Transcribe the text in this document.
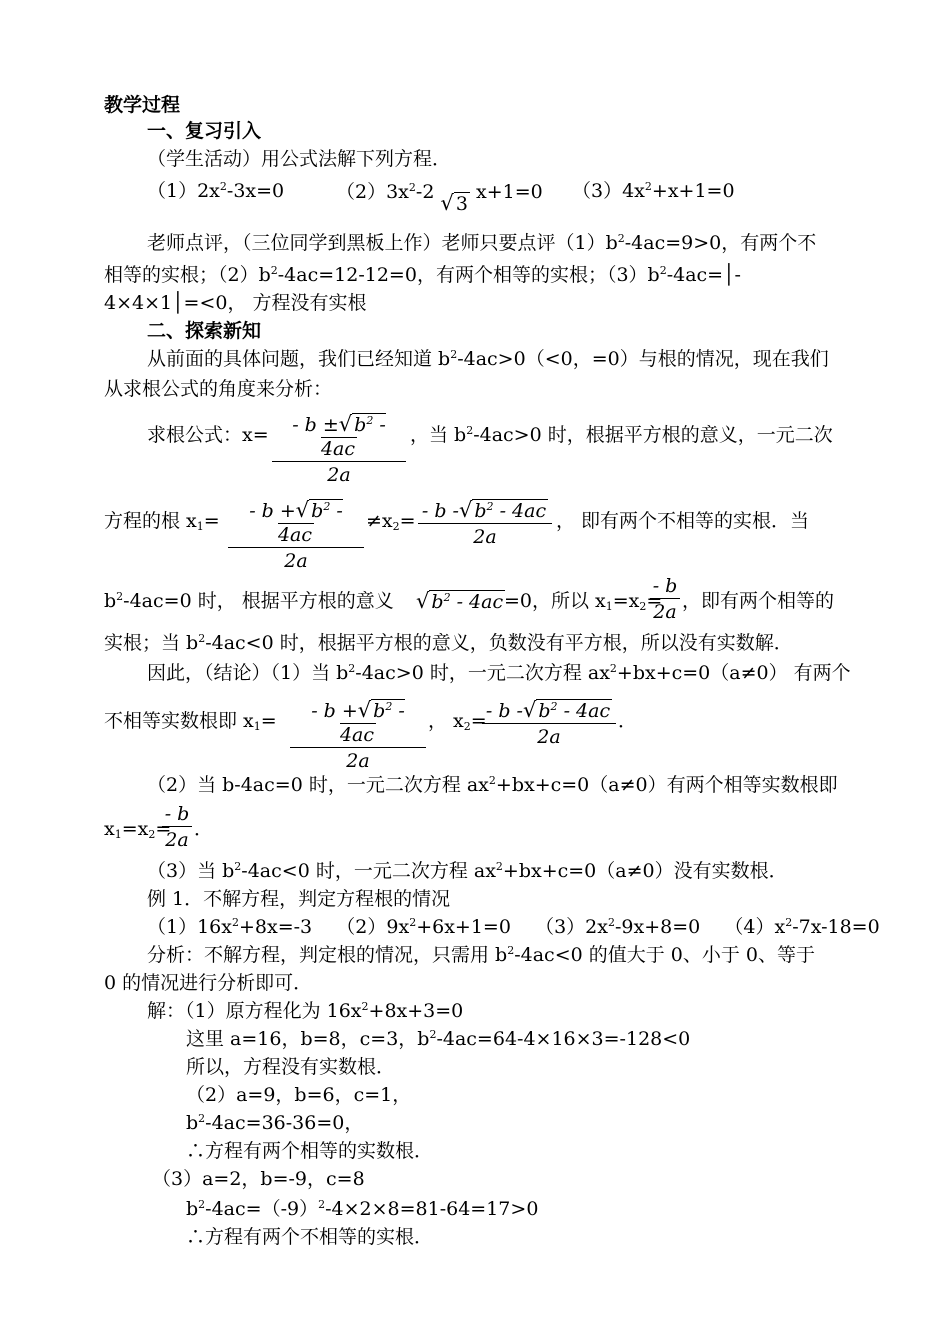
教学过程
一、复习引入
（学生活动）用公式法解下列方程．
$(1)2x^2-3x=0$	$(2)3x^2-2$ √ 3 x+1=0 $(3)4x^2+x+1=0$
老师点评，（三位同学到黑板上作）老师只要点评$(1)b^2-4ac=9>0$，有两个不
相等的实根；$(2)b^2-4ac=12-12=0$，有两个相等的实根；$(3)b^2-4ac=│-$
4×4×1│=<0， 方程没有实根
二、探索新知
从前面的具体问题，我们已经知道 $b^2-4ac>0(<0$，=0）与根的情况，现在我们
从求根公式的角度来分析：
求根公式：x=	- b ±√ $b^2 - 4ac$
2a
，当 $b^2-4ac>0$ 时，根据平方根的意义，一元二次
方程的根 $x_1=$	- b +√ $b^2 - 4ac$
2a
$\ne x_2= - b$ -√ $b^2 - 4ac$
2a
， 即有两个不相等的实根．当
$b^2-4ac=0$ 时， 根据平方根的意义 √ $b^2 - 4ac =0$，所以 $x_1=x_2=$
- b
2a ，即有两个相等的
实根；当 $b^2-4ac<0$ 时，根据平方根的意义，负数没有平方根，所以没有实数解．
因此，（结论）（1）当 $b^2-4ac>0$ 时，一元二次方程 $ax^2+bx+c=0(a\ne 0)$ 有两个
不相等实数根即 $x_1=$	- b +√ $b^2 - 4ac$
2a
， $x_2= - b$ -√ $b^2 - 4ac$
2a
．
（2）当 b-4ac=0 时，一元二次方程 $ax^2+bx+c=0(a\ne 0)$有两个相等实数根即
$x_1=x_2=$
- b
2a ．
（3）当 $b^2-4ac<0$ 时，一元二次方程 $ax^2+bx+c=0(a\ne 0)$没有实数根．
例 1．不解方程，判定方程根的情况
$(1)16x^2+8x=-3$    $(2)9x^2+6x+1=0$    $(3)2x^2-9x+8=0$    $(4)x^2-7x-18=0$
分析：不解方程，判定根的情况，只需用 $b^2-4ac<0$ 的值大于 0、小于 0、等于
0 的情况进行分析即可．
解：（1）原方程化为 $16x^2+8x+3=0$
这里 a=16，b=8，c=3，$b^2-4ac=64-4\times 16\times 3=-128<0$
所以，方程没有实数根．
（2）a=9，b=6，c=1，
$b^2-4ac=36-36=0$，
∴方程有两个相等的实数根．
（3）a=2，b=-9，c=8
$b^2-4ac=(-9)^2-4\times 2\times 8=81-64=17>0$
∴方程有两个不相等的实根．
